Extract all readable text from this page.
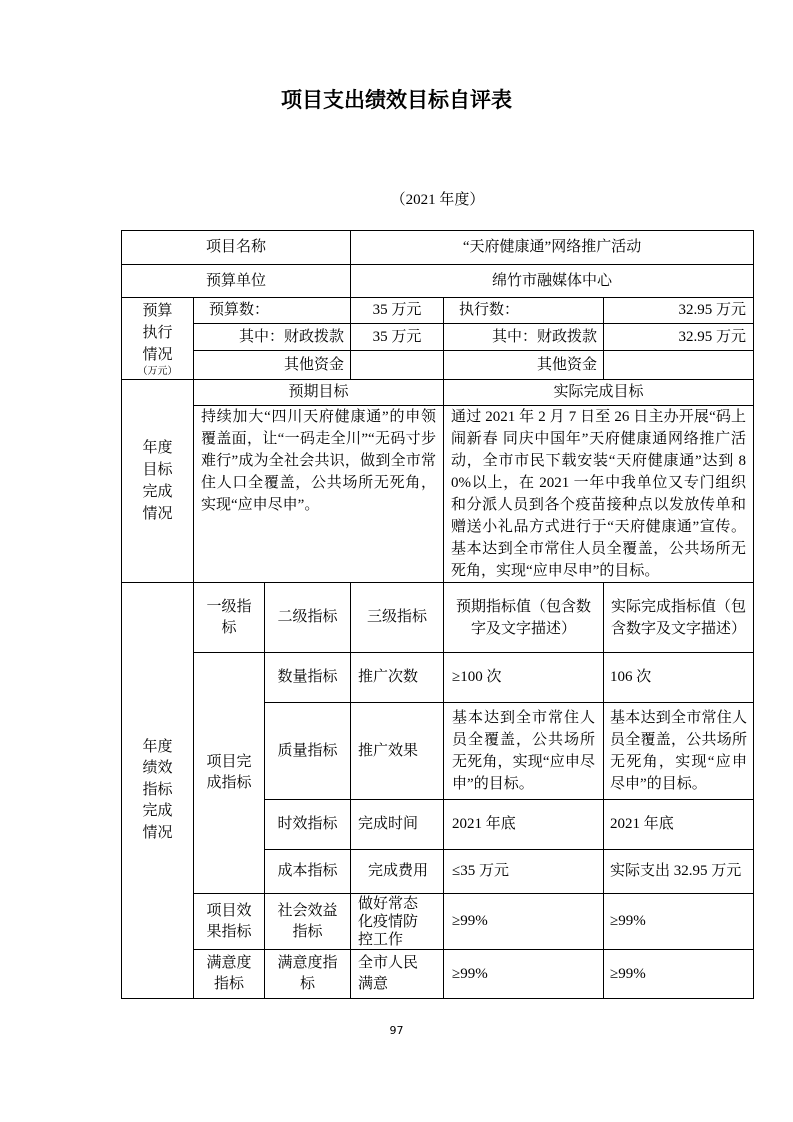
项目支出绩效目标自评表
（2021 年度）
项目名称			“天府健康通”网络推广活动		
预算单位			绵竹市融媒体中心		

预算执行情况
（万元）	预算数：		35 万元	执行数：	32.95 万元
	其中：财政拨款		35 万元	其中：财政拨款	32.95 万元
	其他资金			其他资金	

年度目标完成情况	预期目标			实际完成目标	
	持续加大“四川天府健康通”的申领覆盖面，让“一码走全川”“无码寸步难行”成为全社会共识，做到全市常住人口全覆盖，公共场所无死角，实现“应申尽申”。			通过 2021 年 2 月 7 日至 26 日主办开展“码上闹新春 同庆中国年”天府健康通网络推广活动，全市市民下载安装“天府健康通”达到 80%以上，在 2021 一年中我单位又专门组织和分派人员到各个疫苗接种点以发放传单和赠送小礼品方式进行于“天府健康通”宣传。基本达到全市常住人员全覆盖，公共场所无死角，实现“应申尽申”的目标。	

年度绩效指标完成情况	一级指标	二级指标	三级指标	预期指标值（包含数字及文字描述）	实际完成指标值（包含数字及文字描述）
	项目完成指标	数量指标	推广次数	≥100 次	106 次
		质量指标	推广效果	基本达到全市常住人员全覆盖，公共场所无死角，实现“应申尽申”的目标。	基本达到全市常住人员全覆盖，公共场所无死角，实现“应申尽申”的目标。
		时效指标	完成时间	2021 年底	2021 年底
		成本指标	完成费用	≤35 万元	实际支出 32.95 万元
	项目效果指标	社会效益指标	做好常态化疫情防控工作	≥99%	≥99%
	满意度指标	满意度指标	全市人民满意	≥99%	≥99%
97
